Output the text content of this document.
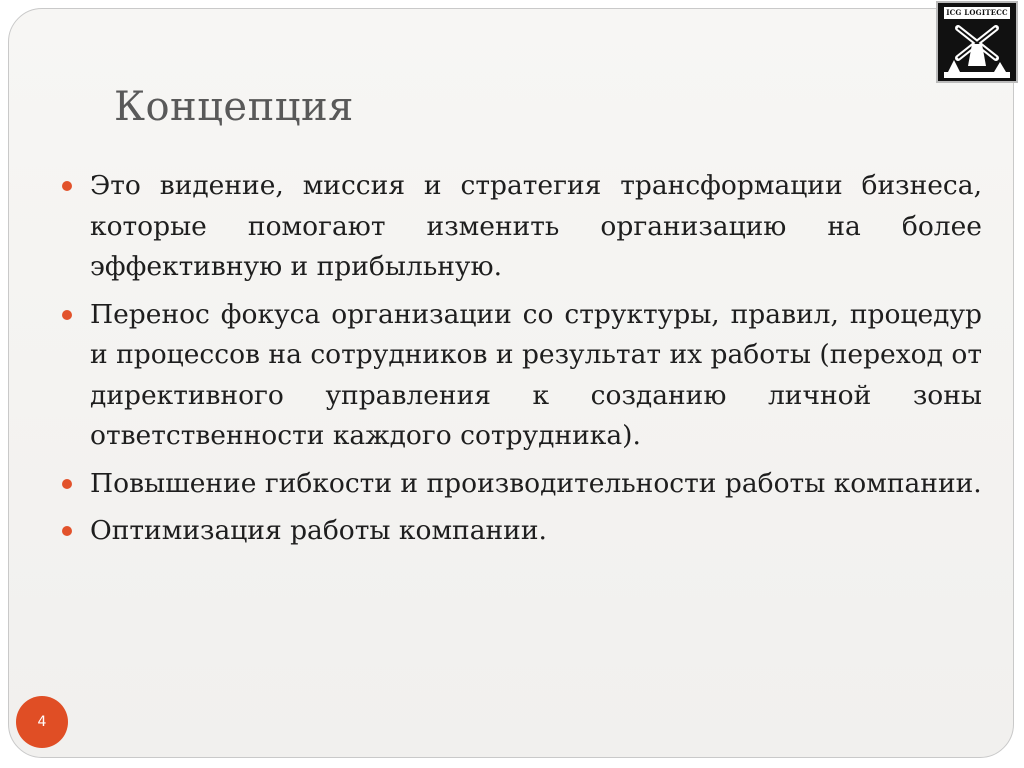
ICG LOGITECC
Концепция
Это видение, миссия и стратегия трансформации бизнеса, которые помогают изменить организацию на более эффективную и прибыльную.
Перенос фокуса организации со структуры, правил, процедур и процессов на сотрудников и результат их работы (переход от директивного управления к созданию личной зоны ответственности каждого сотрудника).
Повышение гибкости и производительности работы компании.
Оптимизация работы компании.
4
